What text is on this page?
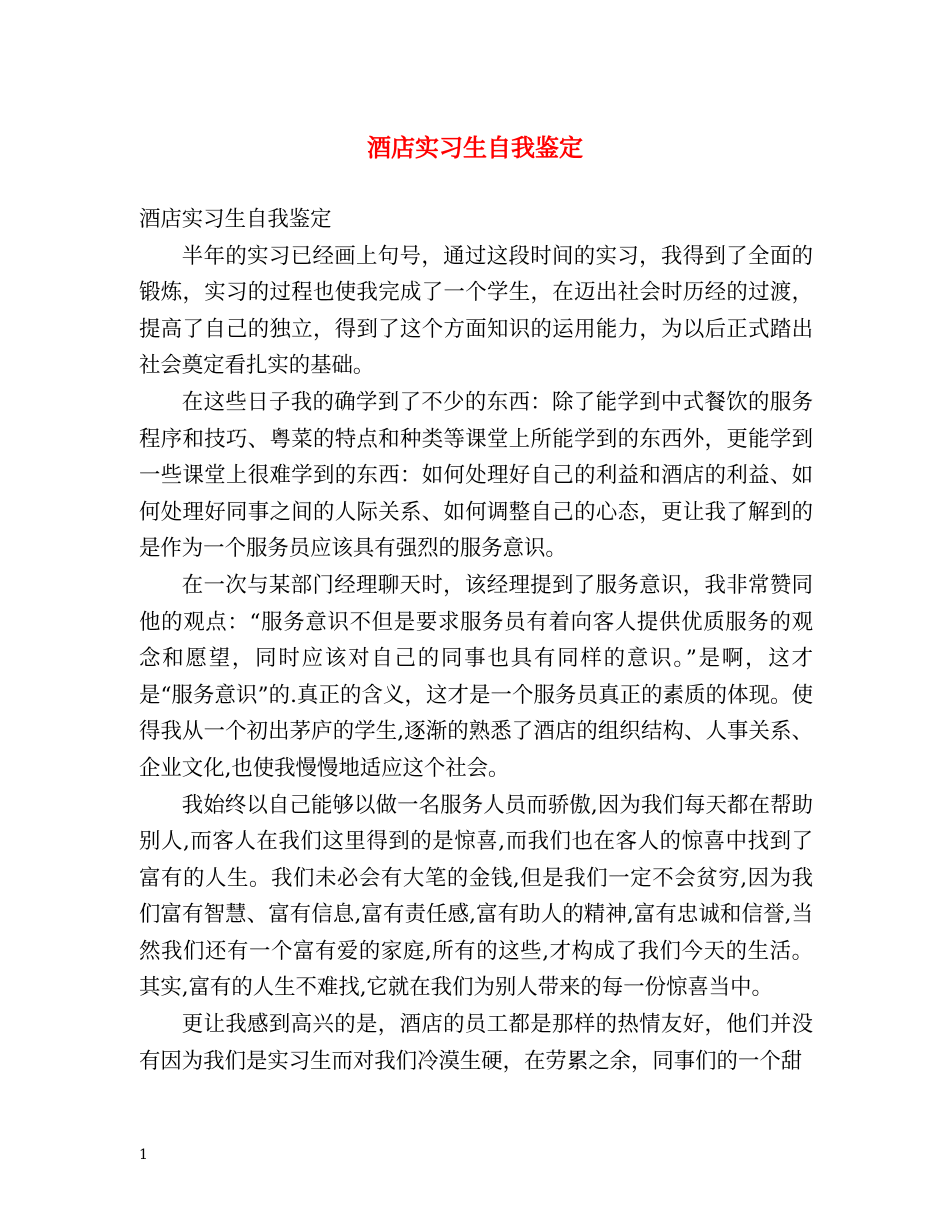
酒店实习生自我鉴定

酒店实习生自我鉴定

半年的实习已经画上句号，通过这段时间的实习，我得到了全面的锻炼，实习的过程也使我完成了一个学生，在迈出社会时历经的过渡，提高了自己的独立，得到了这个方面知识的运用能力，为以后正式踏出社会奠定看扎实的基础。

在这些日子我的确学到了不少的东西：除了能学到中式餐饮的服务程序和技巧、粤菜的特点和种类等课堂上所能学到的东西外，更能学到一些课堂上很难学到的东西：如何处理好自己的利益和酒店的利益、如何处理好同事之间的人际关系、如何调整自己的心态，更让我了解到的是作为一个服务员应该具有强烈的服务意识。

在一次与某部门经理聊天时，该经理提到了服务意识，我非常赞同他的观点：“服务意识不但是要求服务员有着向客人提供优质服务的观念和愿望，同时应该对自己的同事也具有同样的意识。”是啊，这才是“服务意识”的.真正的含义，这才是一个服务员真正的素质的体现。使得我从一个初出茅庐的学生,逐渐的熟悉了酒店的组织结构、人事关系、企业文化,也使我慢慢地适应这个社会。

我始终以自己能够以做一名服务人员而骄傲,因为我们每天都在帮助别人,而客人在我们这里得到的是惊喜,而我们也在客人的惊喜中找到了富有的人生。我们未必会有大笔的金钱,但是我们一定不会贫穷,因为我们富有智慧、富有信息,富有责任感,富有助人的精神,富有忠诚和信誉,当然我们还有一个富有爱的家庭,所有的这些,才构成了我们今天的生活。其实,富有的人生不难找,它就在我们为别人带来的每一份惊喜当中。

更让我感到高兴的是，酒店的员工都是那样的热情友好，他们并没有因为我们是实习生而对我们冷漠生硬，在劳累之余，同事们的一个甜

1
